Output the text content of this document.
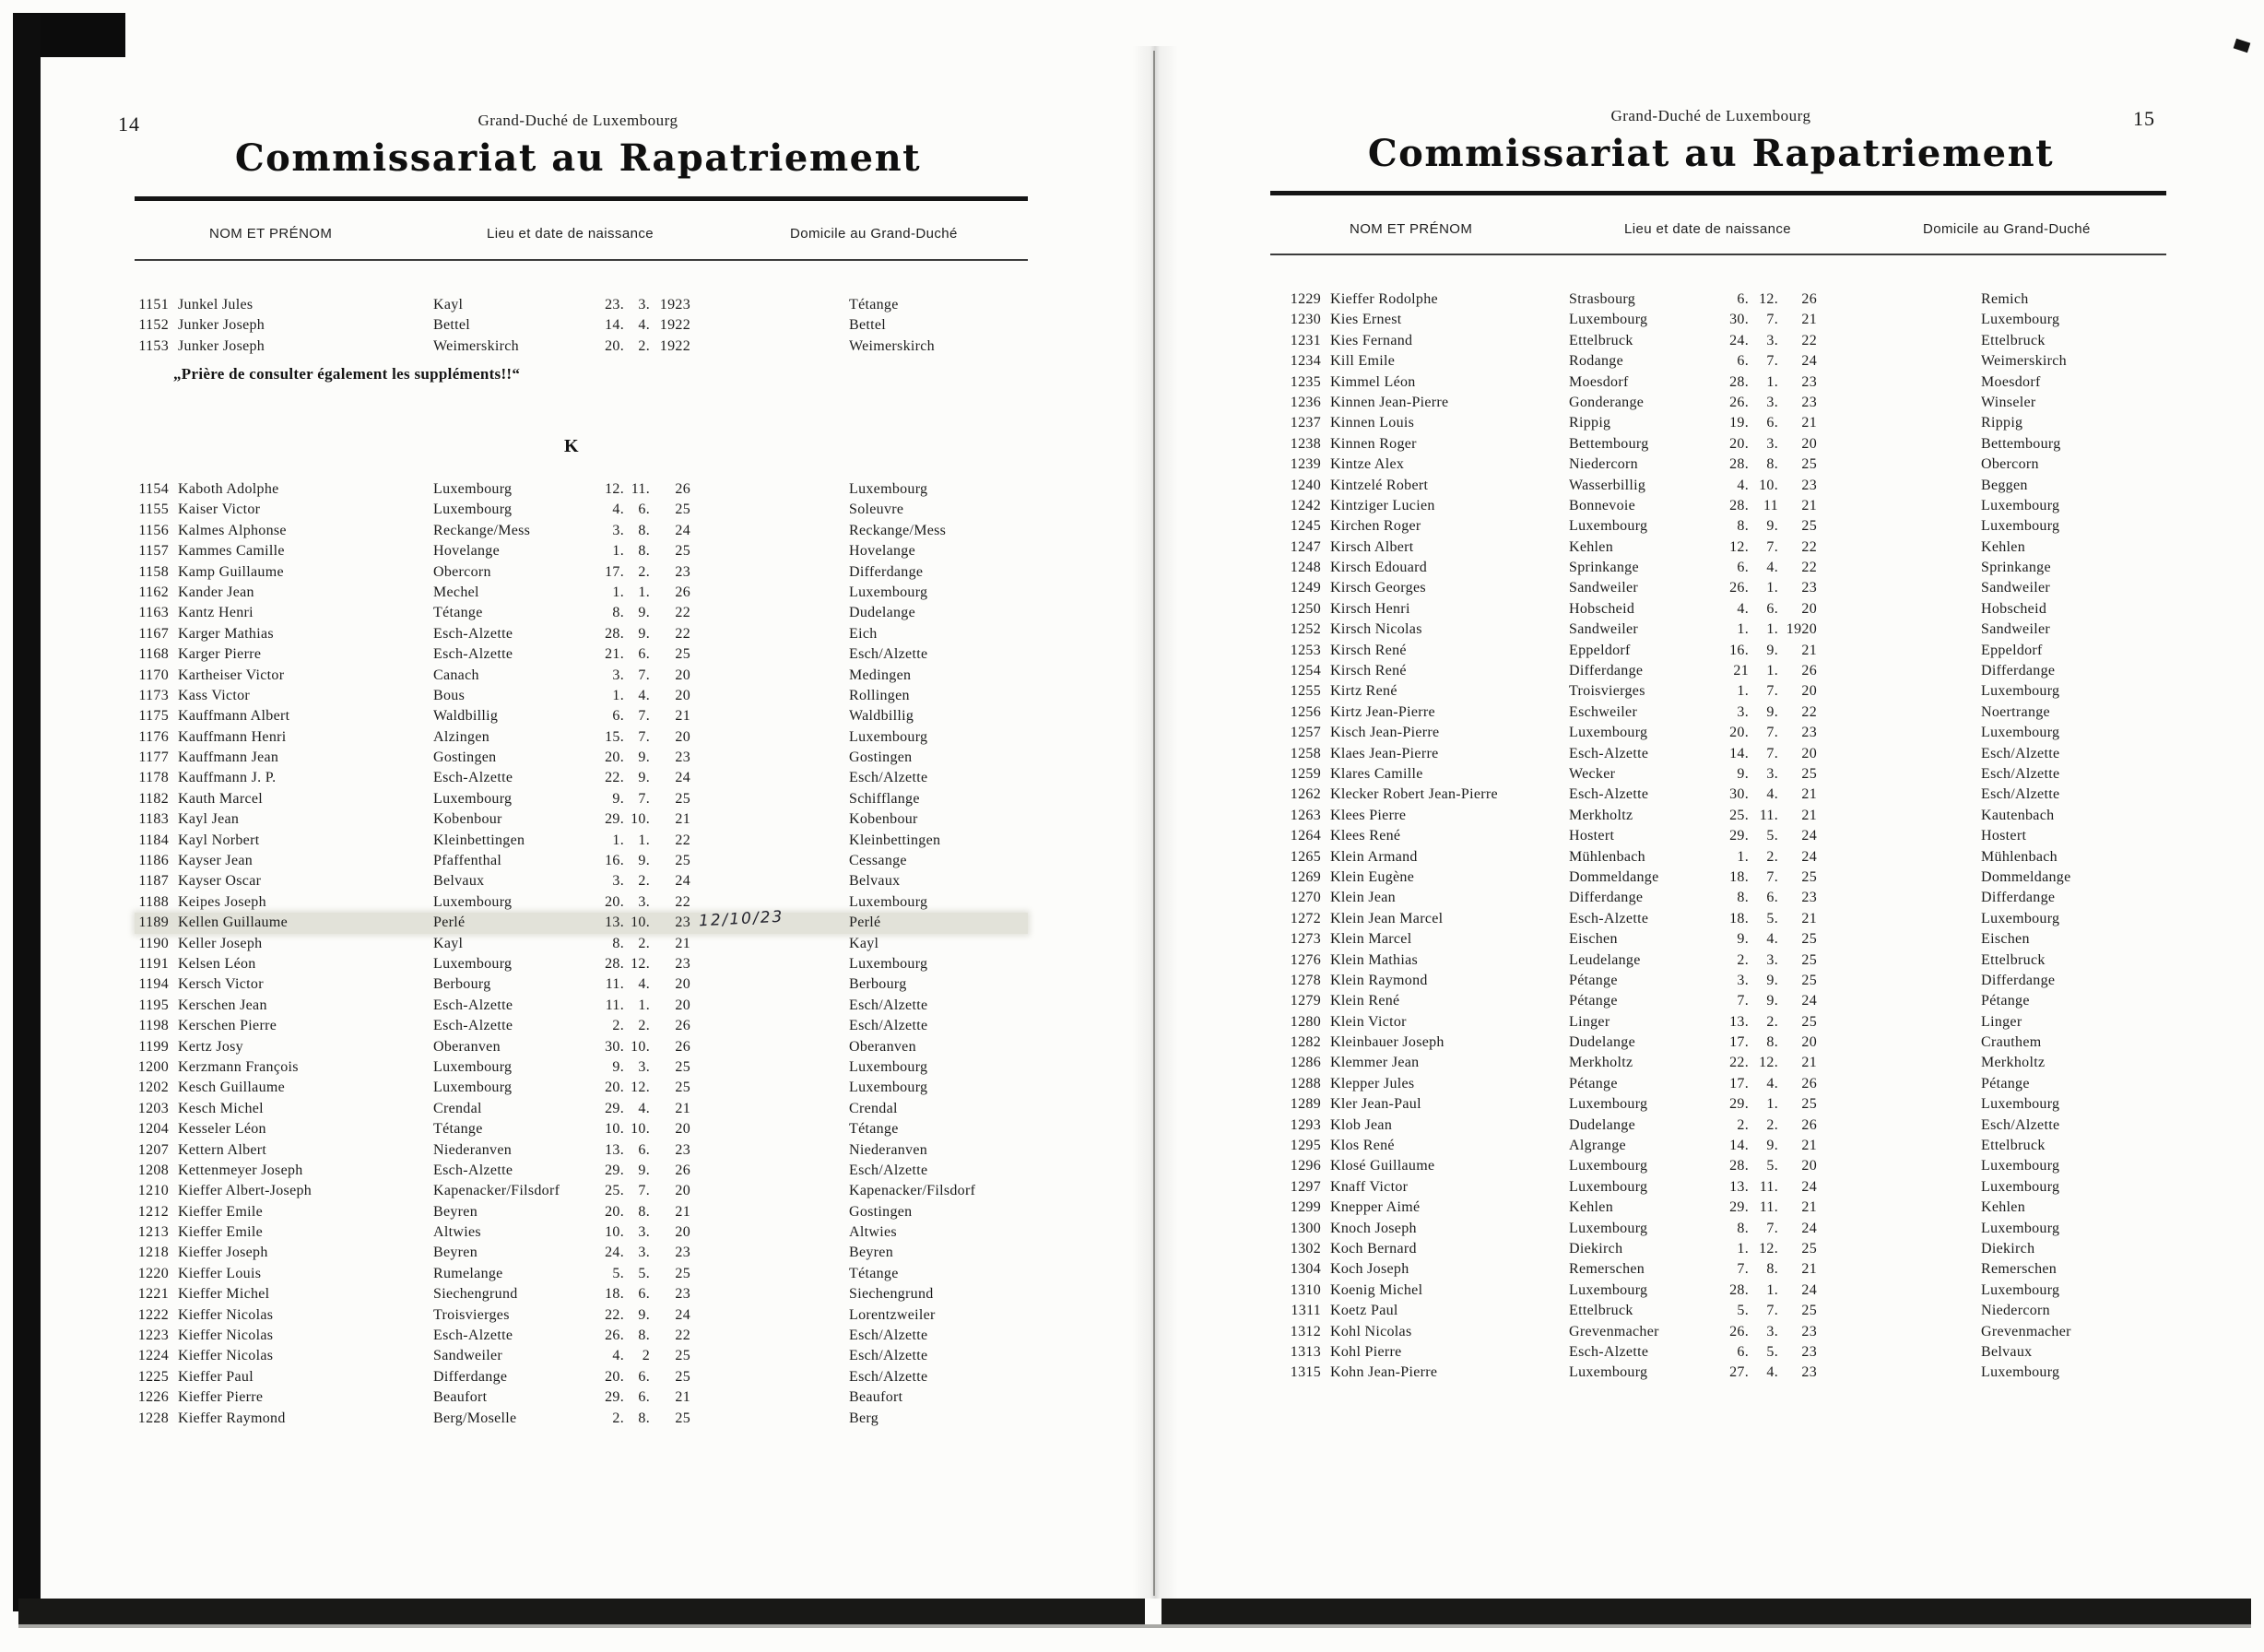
14	Grand-Duché de Luxembourg
Commissariat au Rapatriement
NOM ET PRÉNOM	Lieu et date de naissance	Domicile au Grand-Duché
1151 Junkel Jules	Kayl	23. 3. 1923	Tétange
1152 Junker Joseph	Bettel	14. 4. 1922	Bettel
1153 Junker Joseph	Weimerskirch	20. 2. 1922	Weimerskirch
„Prière de consulter également les suppléments!!“
K
1154 Kaboth Adolphe	Luxembourg	12. 11.	26	Luxembourg
1155 Kaiser Victor	Luxembourg	4. 6.	25	Soleuvre
1156 Kalmes Alphonse	Reckange/Mess	3. 8.	24	Reckange/Mess
1157 Kammes Camille	Hovelange	1. 8.	25	Hovelange
1158 Kamp Guillaume	Obercorn	17. 2.	23	Differdange
1162 Kander Jean	Mechel	1. 1.	26	Luxembourg
1163 Kantz Henri	Tétange	8. 9.	22	Dudelange
1167 Karger Mathias	Esch-Alzette	28. 9.	22	Eich
1168 Karger Pierre	Esch-Alzette	21. 6.	25	Esch/Alzette
1170 Kartheiser Victor	Canach	3. 7.	20	Medingen
1173 Kass Victor	Bous	1. 4.	20	Rollingen
1175 Kauffmann Albert	Waldbillig	6. 7.	21	Waldbillig
1176 Kauffmann Henri	Alzingen	15. 7.	20	Luxembourg
1177 Kauffmann Jean	Gostingen	20. 9.	23	Gostingen
1178 Kauffmann J. P.	Esch-Alzette	22. 9.	24	Esch/Alzette
1182 Kauth Marcel	Luxembourg	9. 7.	25	Schifflange
1183 Kayl Jean	Kobenbour	29. 10.	21	Kobenbour
1184 Kayl Norbert	Kleinbettingen	1. 1.	22	Kleinbettingen
1186 Kayser Jean	Pfaffenthal	16. 9.	25	Cessange
1187 Kayser Oscar	Belvaux	3. 2.	24	Belvaux
1188 Keipes Joseph	Luxembourg	20. 3.	22	Luxembourg
1189 Kellen Guillaume	Perlé	13. 10.	23	Perlé
12/10/23
1190 Keller Joseph	Kayl	8. 2.	21	Kayl
1191 Kelsen Léon	Luxembourg	28. 12.	23	Luxembourg
1194 Kersch Victor	Berbourg	11. 4.	20	Berbourg
1195 Kerschen Jean	Esch-Alzette	11. 1.	20	Esch/Alzette
1198 Kerschen Pierre	Esch-Alzette	2. 2.	26	Esch/Alzette
1199 Kertz Josy	Oberanven	30. 10.	26	Oberanven
1200 Kerzmann François	Luxembourg	9. 3.	25	Luxembourg
1202 Kesch Guillaume	Luxembourg	20. 12.	25	Luxembourg
1203 Kesch Michel	Crendal	29. 4.	21	Crendal
1204 Kesseler Léon	Tétange	10. 10.	20	Tétange
1207 Kettern Albert	Niederanven	13. 6.	23	Niederanven
1208 Kettenmeyer Joseph	Esch-Alzette	29. 9.	26	Esch/Alzette
1210 Kieffer Albert-Joseph	Kapenacker/Filsdorf	25. 7.	20	Kapenacker/Filsdorf
1212 Kieffer Emile	Beyren	20. 8.	21	Gostingen
1213 Kieffer Emile	Altwies	10. 3.	20	Altwies
1218 Kieffer Joseph	Beyren	24. 3.	23	Beyren
1220 Kieffer Louis	Rumelange	5. 5.	25	Tétange
1221 Kieffer Michel	Siechengrund	18. 6.	23	Siechengrund
1222 Kieffer Nicolas	Troisvierges	22. 9.	24	Lorentzweiler
1223 Kieffer Nicolas	Esch-Alzette	26. 8.	22	Esch/Alzette
1224 Kieffer Nicolas	Sandweiler	4.	2	25	Esch/Alzette
1225 Kieffer Paul	Differdange	20. 6.	25	Esch/Alzette
1226 Kieffer Pierre	Beaufort	29. 6.	21	Beaufort
1228 Kieffer Raymond	Berg/Moselle	2. 8.	25	Berg
15
Grand-Duché de Luxembourg
Commissariat au Rapatriement
NOM ET PRÉNOM	Lieu et date de naissance	Domicile au Grand-Duché
1229 Kieffer Rodolphe	Strasbourg	6. 12.	26	Remich
1230 Kies Ernest	Luxembourg	30.	7.	21	Luxembourg
1231 Kies Fernand	Ettelbruck	24.	3.	22	Ettelbruck
1234 Kill Emile	Rodange	6.	7.	24	Weimerskirch
1235 Kimmel Léon	Moesdorf	28.	1.	23	Moesdorf
1236 Kinnen Jean-Pierre	Gonderange	26.	3.	23	Winseler
1237 Kinnen Louis	Rippig	19.	6.	21	Rippig
1238 Kinnen Roger	Bettembourg	20.	3.	20	Bettembourg
1239 Kintze Alex	Niedercorn	28.	8.	25	Obercorn
1240 Kintzelé Robert	Wasserbillig	4. 10.	23	Beggen
1242 Kintziger Lucien	Bonnevoie	28. 11	21	Luxembourg
1245 Kirchen Roger	Luxembourg	8.	9.	25	Luxembourg
1247 Kirsch Albert	Kehlen	12.	7.	22	Kehlen
1248 Kirsch Edouard	Sprinkange	6.	4.	22	Sprinkange
1249 Kirsch Georges	Sandweiler	26.	1.	23	Sandweiler
1250 Kirsch Henri	Hobscheid	4.	6.	20	Hobscheid
1252 Kirsch Nicolas	Sandweiler	1.	1. 1920	Sandweiler
1253 Kirsch René	Eppeldorf	16.	9.	21	Eppeldorf
1254 Kirsch René	Differdange	21	1.	26	Differdange
1255 Kirtz René	Troisvierges	1.	7.	20	Luxembourg
1256 Kirtz Jean-Pierre	Eschweiler	3.	9.	22	Noertrange
1257 Kisch Jean-Pierre	Luxembourg	20.	7.	23	Luxembourg
1258 Klaes Jean-Pierre	Esch-Alzette	14.	7.	20	Esch/Alzette
1259 Klares Camille	Wecker	9.	3.	25	Esch/Alzette
1262 Klecker Robert Jean-Pierre	Esch-Alzette	30.	4.	21	Esch/Alzette
1263 Klees Pierre	Merkholtz	25. 11.	21	Kautenbach
1264 Klees René	Hostert	29.	5.	24	Hostert
1265 Klein Armand	Mühlenbach	1.	2.	24	Mühlenbach
1269 Klein Eugène	Dommeldange	18.	7.	25	Dommeldange
1270 Klein Jean	Differdange	8.	6.	23	Differdange
1272 Klein Jean Marcel	Esch-Alzette	18.	5.	21	Luxembourg
1273 Klein Marcel	Eischen	9.	4.	25	Eischen
1276 Klein Mathias	Leudelange	2.	3.	25	Ettelbruck
1278 Klein Raymond	Pétange	3.	9.	25	Differdange
1279 Klein René	Pétange	7.	9.	24	Pétange
1280 Klein Victor	Linger	13.	2.	25	Linger
1282 Kleinbauer Joseph	Dudelange	17.	8.	20	Crauthem
1286 Klemmer Jean	Merkholtz	22. 12.	21	Merkholtz
1288 Klepper Jules	Pétange	17.	4.	26	Pétange
1289 Kler Jean-Paul	Luxembourg	29.	1.	25	Luxembourg
1293 Klob Jean	Dudelange	2.	2.	26	Esch/Alzette
1295 Klos René	Algrange	14.	9.	21	Ettelbruck
1296 Klosé Guillaume	Luxembourg	28.	5.	20	Luxembourg
1297 Knaff Victor	Luxembourg	13. 11.	24	Luxembourg
1299 Knepper Aimé	Kehlen	29. 11.	21	Kehlen
1300 Knoch Joseph	Luxembourg	8.	7.	24	Luxembourg
1302 Koch Bernard	Diekirch	1. 12.	25	Diekirch
1304 Koch Joseph	Remerschen	7.	8.	21	Remerschen
1310 Koenig Michel	Luxembourg	28.	1.	24	Luxembourg
1311 Koetz Paul	Ettelbruck	5.	7.	25	Niedercorn
1312 Kohl Nicolas	Grevenmacher	26.	3.	23	Grevenmacher
1313 Kohl Pierre	Esch-Alzette	6.	5.	23	Belvaux
1315 Kohn Jean-Pierre	Luxembourg	27.	4.	23	Luxembourg
